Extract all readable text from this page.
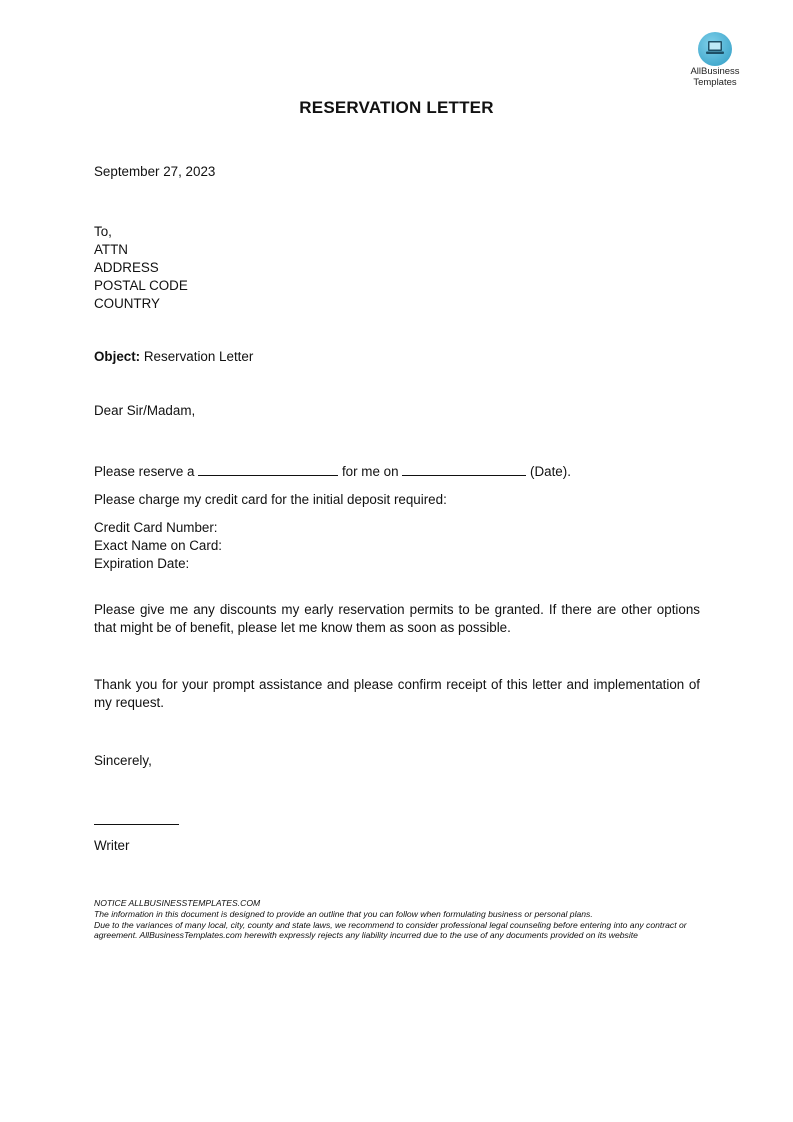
AllBusiness
Templates
RESERVATION LETTER
September 27, 2023
To,
ATTN
ADDRESS
POSTAL CODE
COUNTRY
Object: Reservation Letter
Dear Sir/Madam,
Please reserve a	for me on	(Date).
Please charge my credit card for the initial deposit required:
Credit Card Number:
Exact Name on Card:
Expiration Date:
Please give me any discounts my early reservation permits to be granted. If there are other options that might be of benefit, please let me know them as soon as possible.
Thank you for your prompt assistance and please confirm receipt of this letter and implementation of my request.
Sincerely,
Writer
NOTICE ALLBUSINESSTEMPLATES.COM
The information in this document is designed to provide an outline that you can follow when formulating business or personal plans.
Due to the variances of many local, city, county and state laws, we recommend to consider professional legal counseling before entering into any contract or agreement. AllBusinessTemplates.com herewith expressly rejects any liability incurred due to the use of any documents provided on its website
